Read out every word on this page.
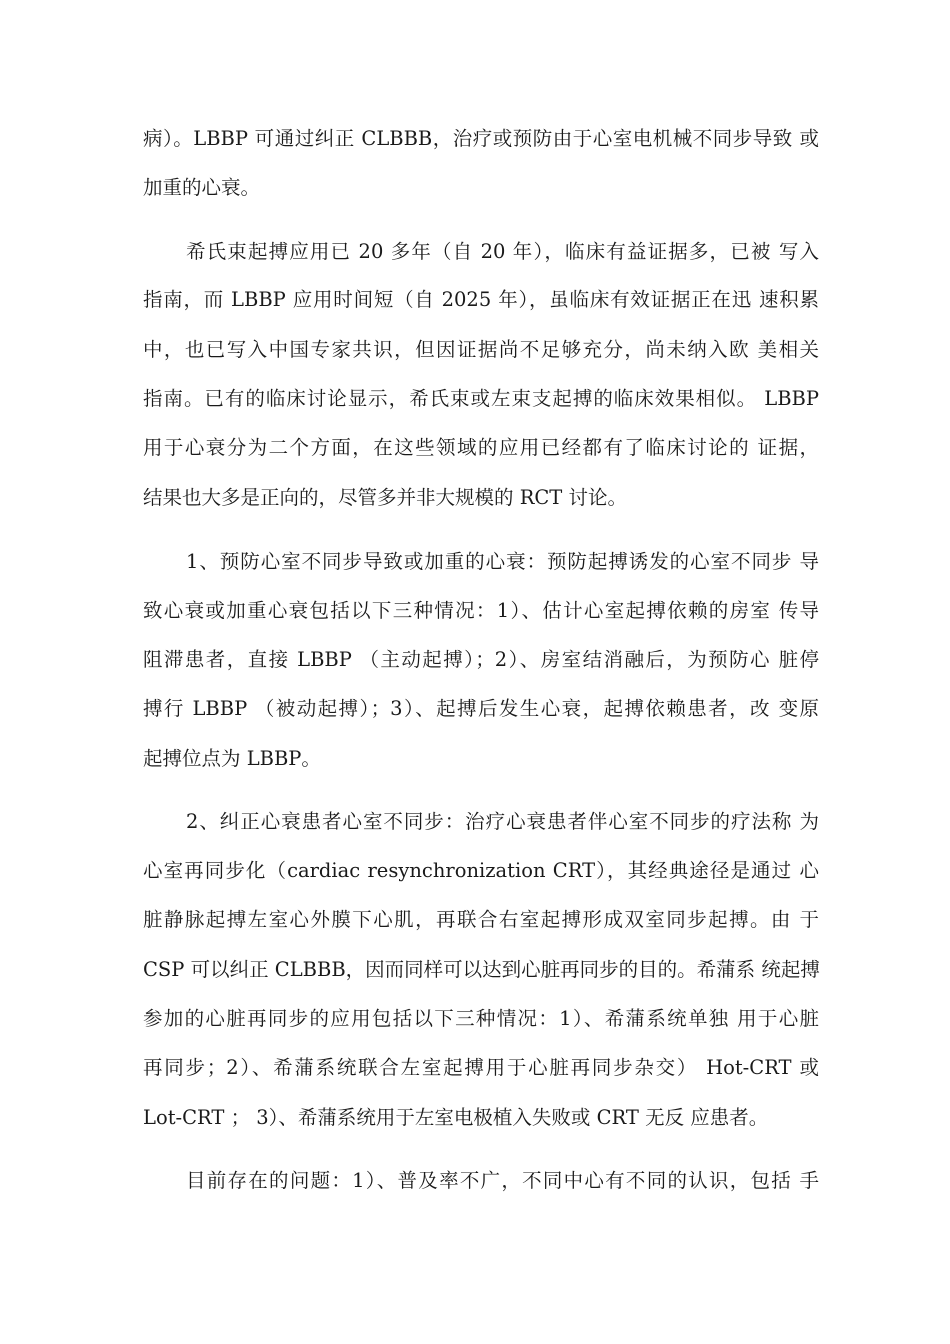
病）。LBBP 可通过纠正 CLBBB，治疗或预防由于心室电机械不同步导致 或
加重的心衰。
希氏束起搏应用已 20 多年（自 20 年），临床有益证据多，已被 写入
指南，而 LBBP 应用时间短（自 2025 年），虽临床有效证据正在迅 速积累
中，也已写入中国专家共识，但因证据尚不足够充分，尚未纳入欧 美相关
指南。已有的临床讨论显示，希氏束或左束支起搏的临床效果相似。 LBBP
用于心衰分为二个方面，在这些领域的应用已经都有了临床讨论的 证据，
结果也大多是正向的，尽管多并非大规模的 RCT 讨论。
1、预防心室不同步导致或加重的心衰：预防起搏诱发的心室不同步 导
致心衰或加重心衰包括以下三种情况：1）、估计心室起搏依赖的房室 传导
阻滞患者，直接 LBBP （主动起搏）；2）、房室结消融后，为预防心 脏停
搏行 LBBP （被动起搏）；3）、起搏后发生心衰，起搏依赖患者，改 变原
起搏位点为 LBBP。
2、纠正心衰患者心室不同步：治疗心衰患者伴心室不同步的疗法称 为
心室再同步化（cardiac resynchronization CRT），其经典途径是通过 心
脏静脉起搏左室心外膜下心肌，再联合右室起搏形成双室同步起搏。由 于
CSP 可以纠正 CLBBB，因而同样可以达到心脏再同步的目的。希蒲系 统起搏
参加的心脏再同步的应用包括以下三种情况：1）、希蒲系统单独 用于心脏
再同步；2）、希蒲系统联合左室起搏用于心脏再同步杂交） Hot-CRT 或
Lot-CRT ； 3）、希蒲系统用于左室电极植入失败或 CRT 无反 应患者。
目前存在的问题：1）、普及率不广，不同中心有不同的认识，包括 手
